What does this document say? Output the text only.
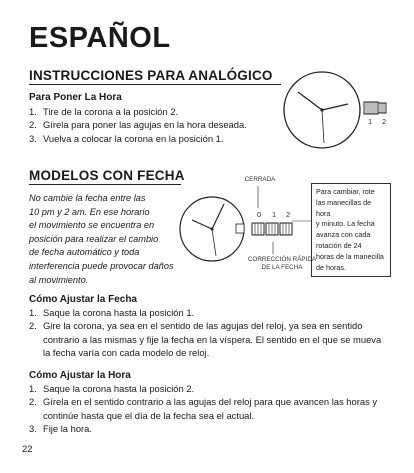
ESPAÑOL
INSTRUCCIONES PARA ANALÓGICO
Para Poner La Hora
1. Tire de la corona a la posición 2.
2. Gírela para poner las agujas en la hora deseada.
3. Vuelva a colocar la corona en la posición 1.
1 2
MODELOS CON FECHA
No cambie la fecha entre las
10 pm y 2 am. En ese horario
el movimiento se encuentra en
posición para realizar el cambio
de fecha automático y toda
interferencia puede provocar daños
al movimiento.
CERRADA
0 1 2
CORRECCIÓN RÁPIDA
DE LA FECHA
Para cambiar, rote
las manecillas de hora
y minuto. La fecha
avanza con cada
rotación de 24
horas de la manecilla
de horas.
Cómo Ajustar la Fecha
1. Saque la corona hasta la posición 1.
2. Gire la corona, ya sea en el sentido de las agujas del reloj, ya sea en sentido contrario a las mismas y fije la fecha en la víspera. El sentido en el que se mueva la fecha varía con cada modelo de reloj.
Cómo Ajustar la Hora
1. Saque la corona hasta la posición 2.
2. Gírela en el sentido contrario a las agujas del reloj para que avancen las horas y continúe hasta que el día de la fecha sea el actual.
3. Fije la hora.
22
